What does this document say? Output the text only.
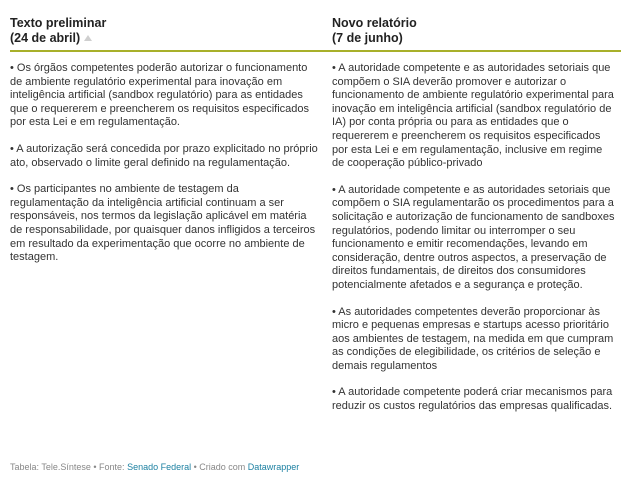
Texto preliminar
(24 de abril)
Novo relatório
(7 de junho)

• Os órgãos competentes poderão autorizar o funcionamento de ambiente regulatório experimental para inovação em inteligência artificial (sandbox regulatório) para as entidades que o requererem e preencherem os requisitos especificados por esta Lei e em regulamentação.

• A autorização será concedida por prazo explicitado no próprio ato, observado o limite geral definido na regulamentação.

• Os participantes no ambiente de testagem da regulamentação da inteligência artificial continuam a ser responsáveis, nos termos da legislação aplicável em matéria de responsabilidade, por quaisquer danos infligidos a terceiros em resultado da experimentação que ocorre no ambiente de testagem.

• A autoridade competente e as autoridades setoriais que compõem o SIA deverão promover e autorizar o funcionamento de ambiente regulatório experimental para inovação em inteligência artificial (sandbox regulatório de IA) por conta própria ou para as entidades que o requererem e preencherem os requisitos especificados por esta Lei e em regulamentação, inclusive em regime de cooperação público-privado

• A autoridade competente e as autoridades setoriais que compõem o SIA regulamentarão os procedimentos para a solicitação e autorização de funcionamento de sandboxes regulatórios, podendo limitar ou interromper o seu funcionamento e emitir recomendações, levando em consideração, dentre outros aspectos, a preservação de direitos fundamentais, de direitos dos consumidores potencialmente afetados e a segurança e proteção.

• As autoridades competentes deverão proporcionar às micro e pequenas empresas e startups acesso prioritário aos ambientes de testagem, na medida em que cumpram as condições de elegibilidade, os critérios de seleção e demais regulamentos

• A autoridade competente poderá criar mecanismos para reduzir os custos regulatórios das empresas qualificadas.

Tabela: Tele.Síntese • Fonte: Senado Federal • Criado com Datawrapper
